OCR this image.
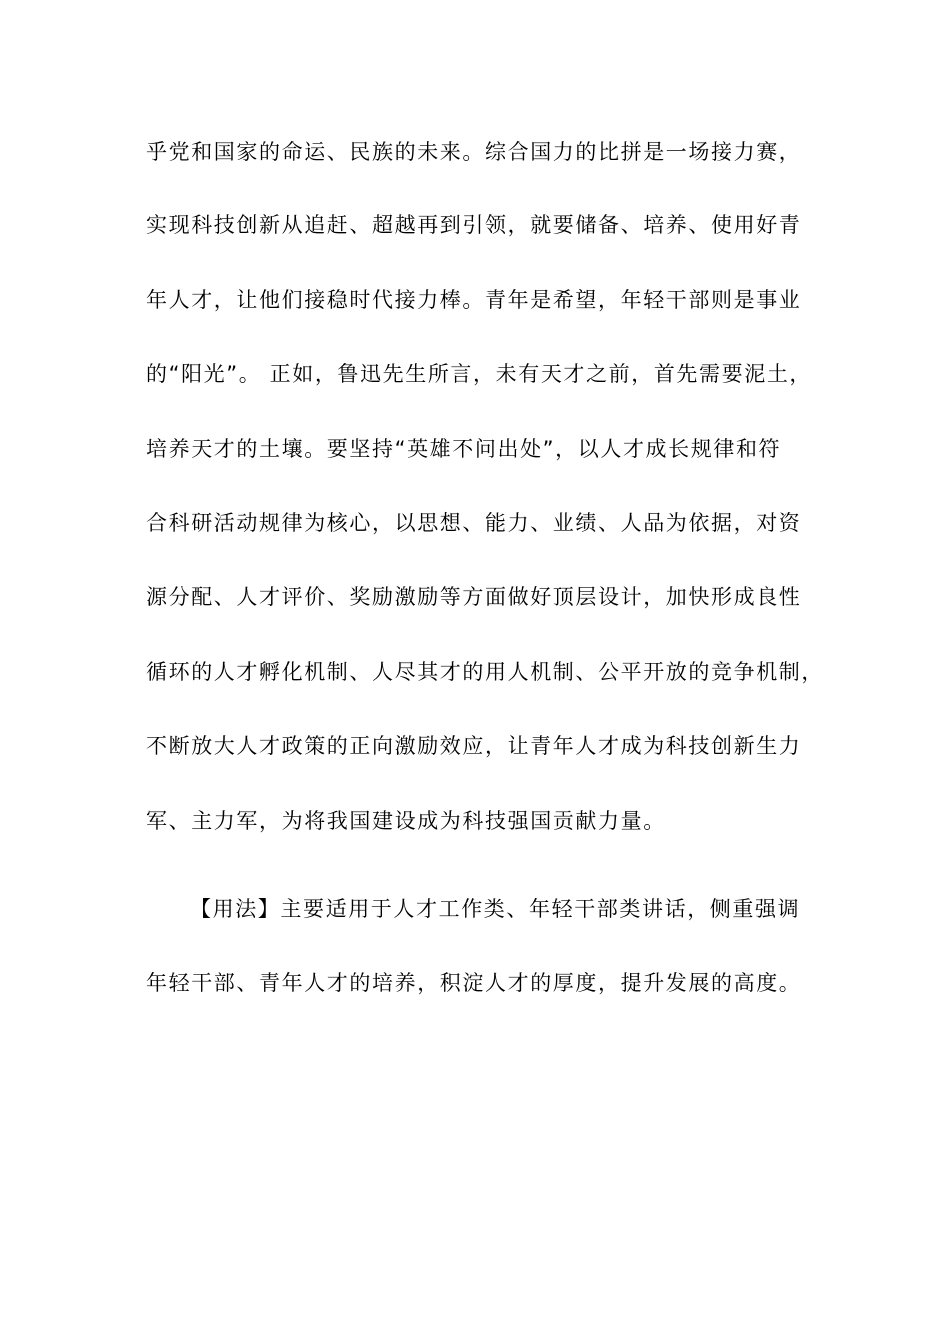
乎党和国家的命运、民族的未来。综合国力的比拼是一场接力赛，
实现科技创新从追赶、超越再到引领，就要储备、培养、使用好青
年人才，让他们接稳时代接力棒。青年是希望，年轻干部则是事业
的“阳光”。 正如，鲁迅先生所言，未有天才之前，首先需要泥土，
培养天才的土壤。要坚持“英雄不问出处”，以人才成长规律和符
合科研活动规律为核心，以思想、能力、业绩、人品为依据，对资
源分配、人才评价、奖励激励等方面做好顶层设计，加快形成良性
循环的人才孵化机制、人尽其才的用人机制、公平开放的竞争机制，
不断放大人才政策的正向激励效应，让青年人才成为科技创新生力
军、主力军，为将我国建设成为科技强国贡献力量。
【用法】主要适用于人才工作类、年轻干部类讲话，侧重强调
年轻干部、青年人才的培养，积淀人才的厚度，提升发展的高度。
